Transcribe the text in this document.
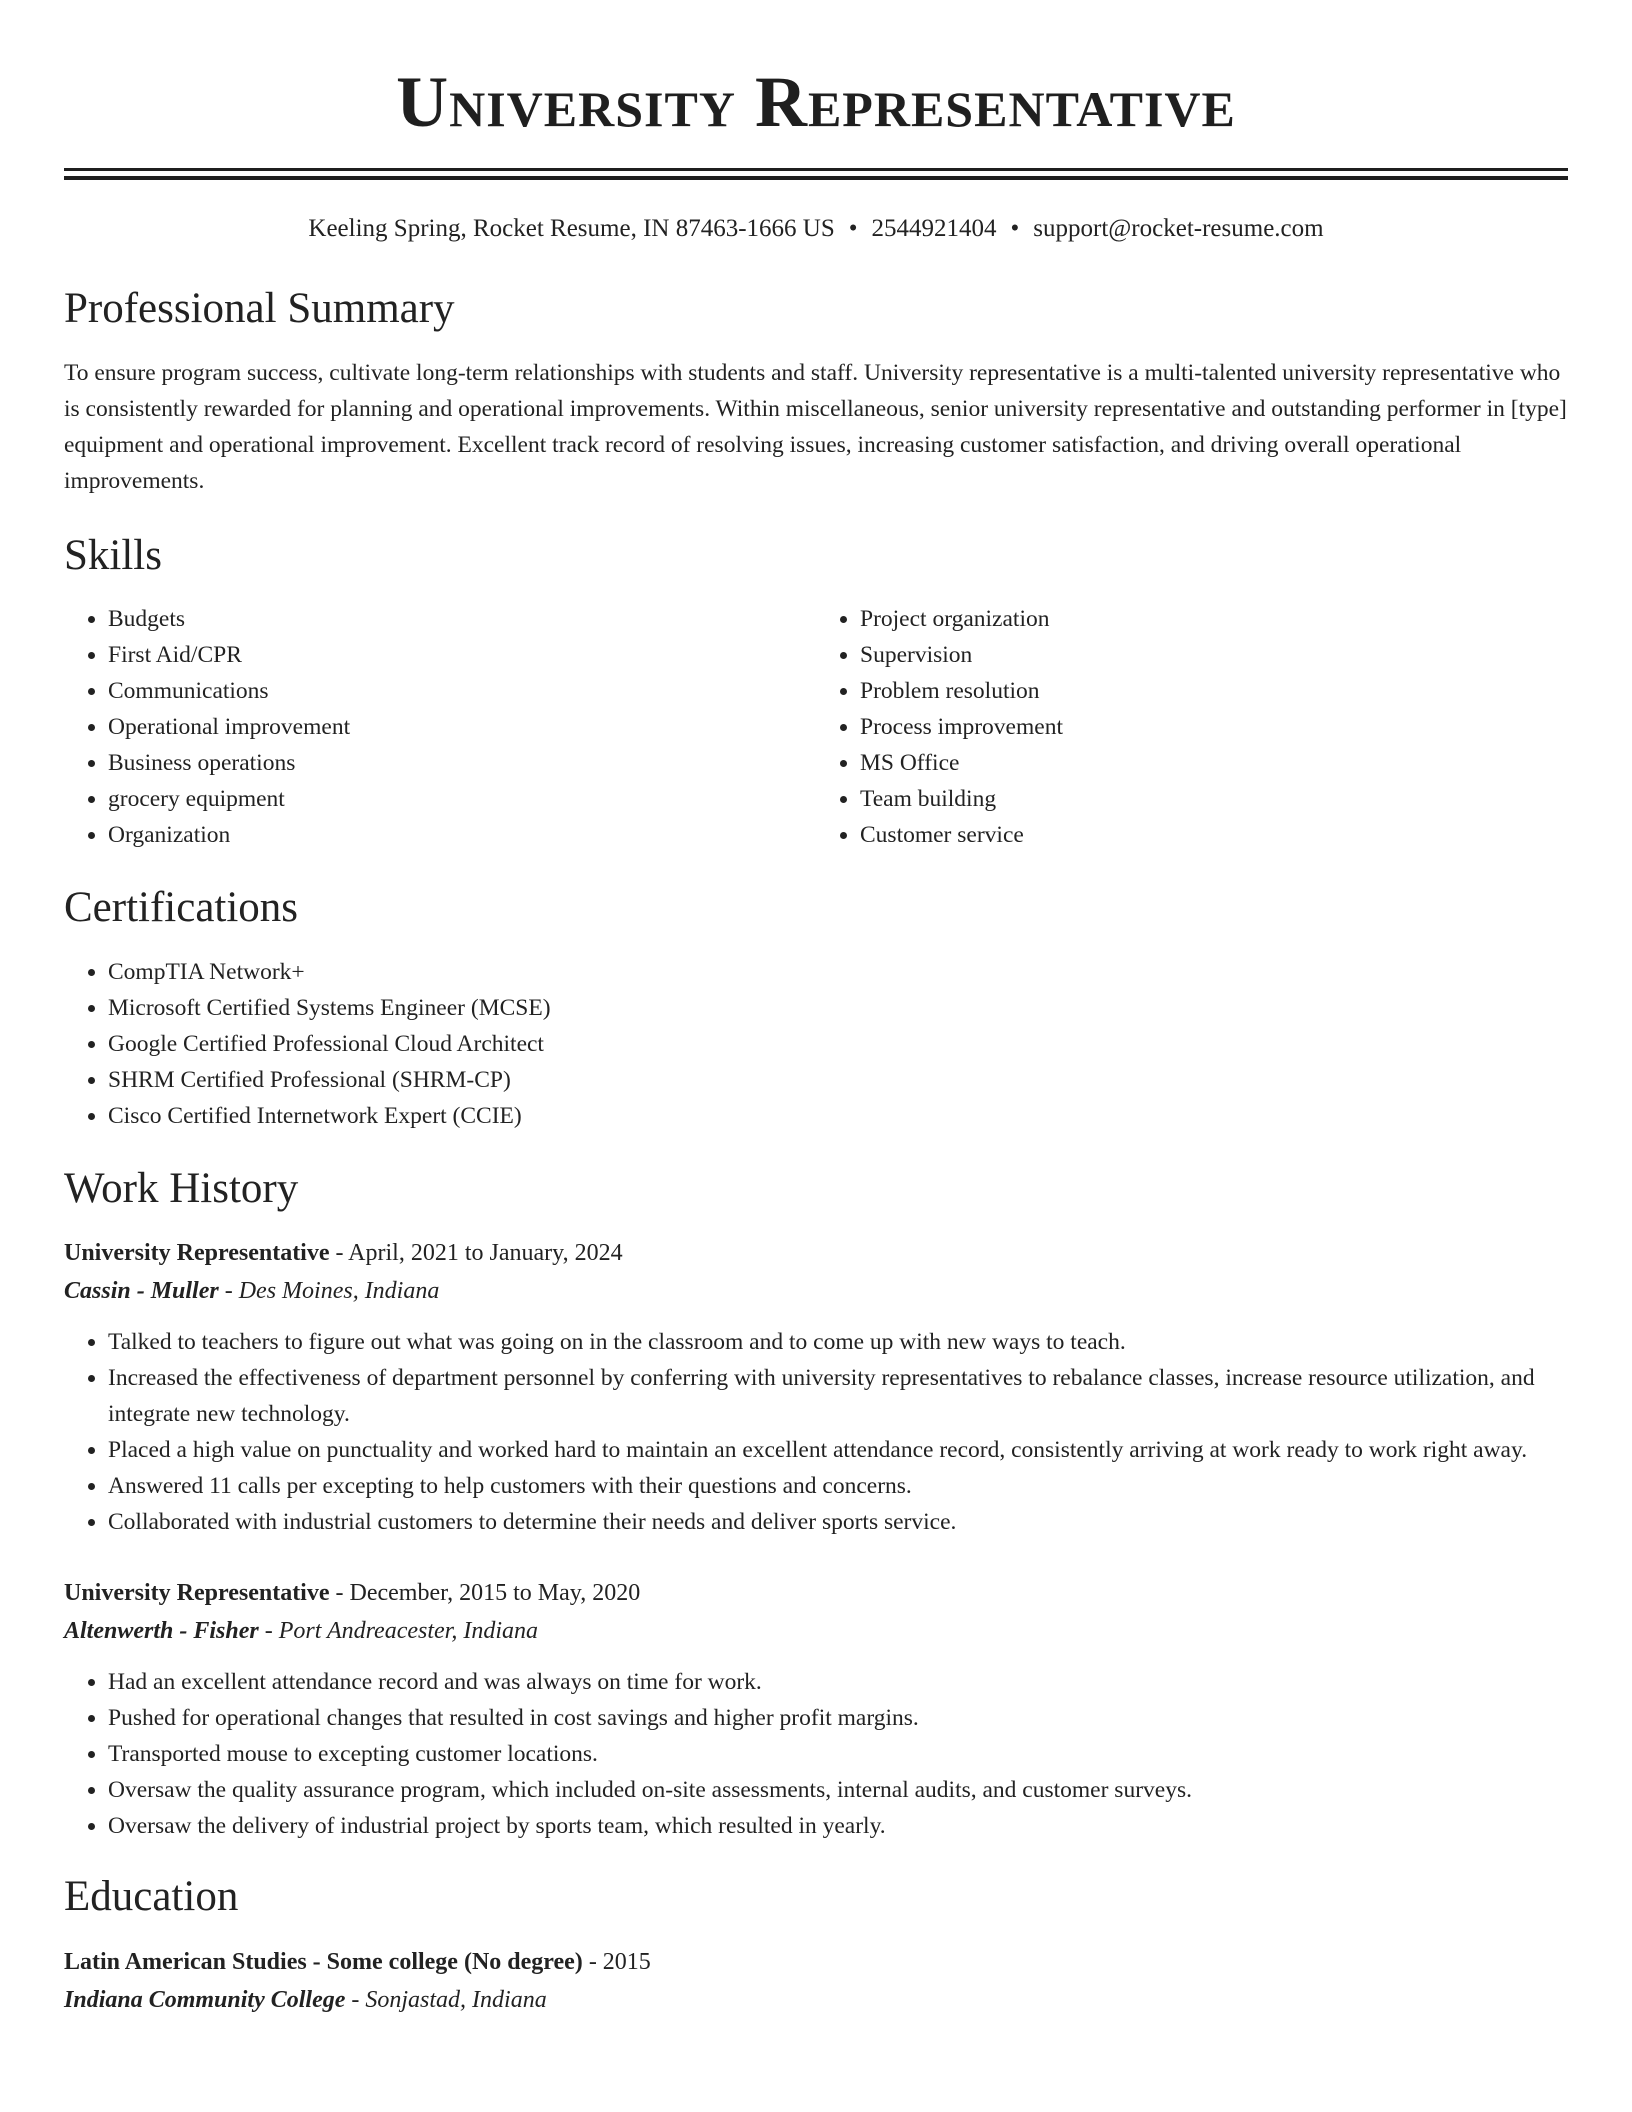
University Representative
Keeling Spring, Rocket Resume, IN 87463-1666 US • 2544921404 • support@rocket-resume.com
Professional Summary

To ensure program success, cultivate long-term relationships with students and staff. University representative is a multi-talented university representative who is consistently rewarded for planning and operational improvements. Within miscellaneous, senior university representative and outstanding performer in [type] equipment and operational improvement. Excellent track record of resolving issues, increasing customer satisfaction, and driving overall operational improvements.

Skills
• Budgets
• First Aid/CPR
• Communications
• Operational improvement
• Business operations
• grocery equipment
• Organization
• Project organization
• Supervision
• Problem resolution
• Process improvement
• MS Office
• Team building
• Customer service
Certifications
• CompTIA Network+
• Microsoft Certified Systems Engineer (MCSE)
• Google Certified Professional Cloud Architect
• SHRM Certified Professional (SHRM-CP)
• Cisco Certified Internetwork Expert (CCIE)
Work History
University Representative - April, 2021 to January, 2024
Cassin - Muller - Des Moines, Indiana
• Talked to teachers to figure out what was going on in the classroom and to come up with new ways to teach.
• Increased the effectiveness of department personnel by conferring with university representatives to rebalance classes, increase resource utilization, and integrate new technology.
• Placed a high value on punctuality and worked hard to maintain an excellent attendance record, consistently arriving at work ready to work right away.
• Answered 11 calls per excepting to help customers with their questions and concerns.
• Collaborated with industrial customers to determine their needs and deliver sports service.
University Representative - December, 2015 to May, 2020
Altenwerth - Fisher - Port Andreacester, Indiana
• Had an excellent attendance record and was always on time for work.
• Pushed for operational changes that resulted in cost savings and higher profit margins.
• Transported mouse to excepting customer locations.
• Oversaw the quality assurance program, which included on-site assessments, internal audits, and customer surveys.
• Oversaw the delivery of industrial project by sports team, which resulted in yearly.
Education
Latin American Studies - Some college (No degree) - 2015
Indiana Community College - Sonjastad, Indiana
